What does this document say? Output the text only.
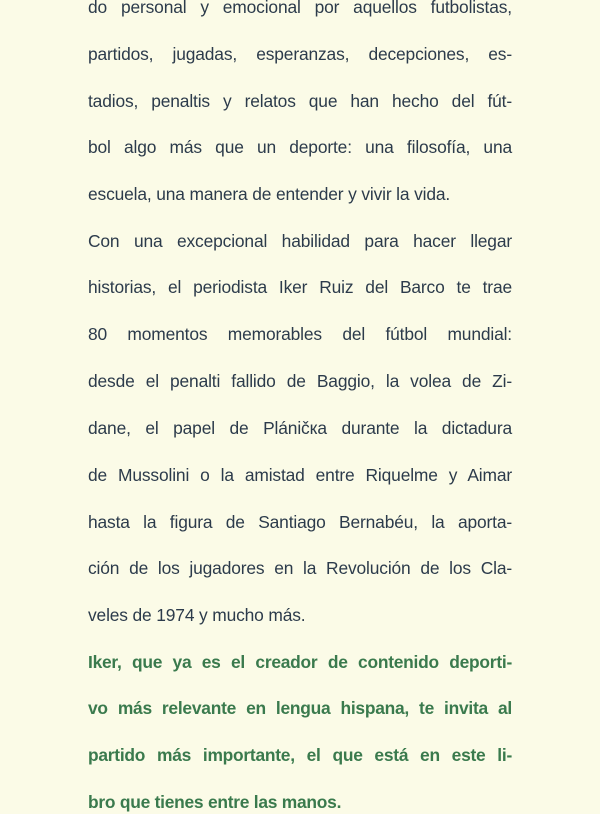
do personal y emocional por aquellos futbolistas,
partidos, jugadas, esperanzas, decepciones, es-
tadios, penaltis y relatos que han hecho del fút-
bol algo más que un deporte: una filosofía, una
escuela, una manera de entender y vivir la vida.

Con una excepcional habilidad para hacer llegar
historias, el periodista Iker Ruiz del Barco te trae
80 momentos memorables del fútbol mundial:
desde el penalti fallido de Baggio, la volea de Zi-
dane, el papel de Pláničка durante la dictadura
de Mussolini o la amistad entre Riquelme y Aimar
hasta la figura de Santiago Bernabéu, la aporta-
ción de los jugadores en la Revolución de los Cla-
veles de 1974 y mucho más.

Iker, que ya es el creador de contenido deporti-
vo más relevante en lengua hispana, te invita al
partido más importante, el que está en este li-
bro que tienes entre las manos.
